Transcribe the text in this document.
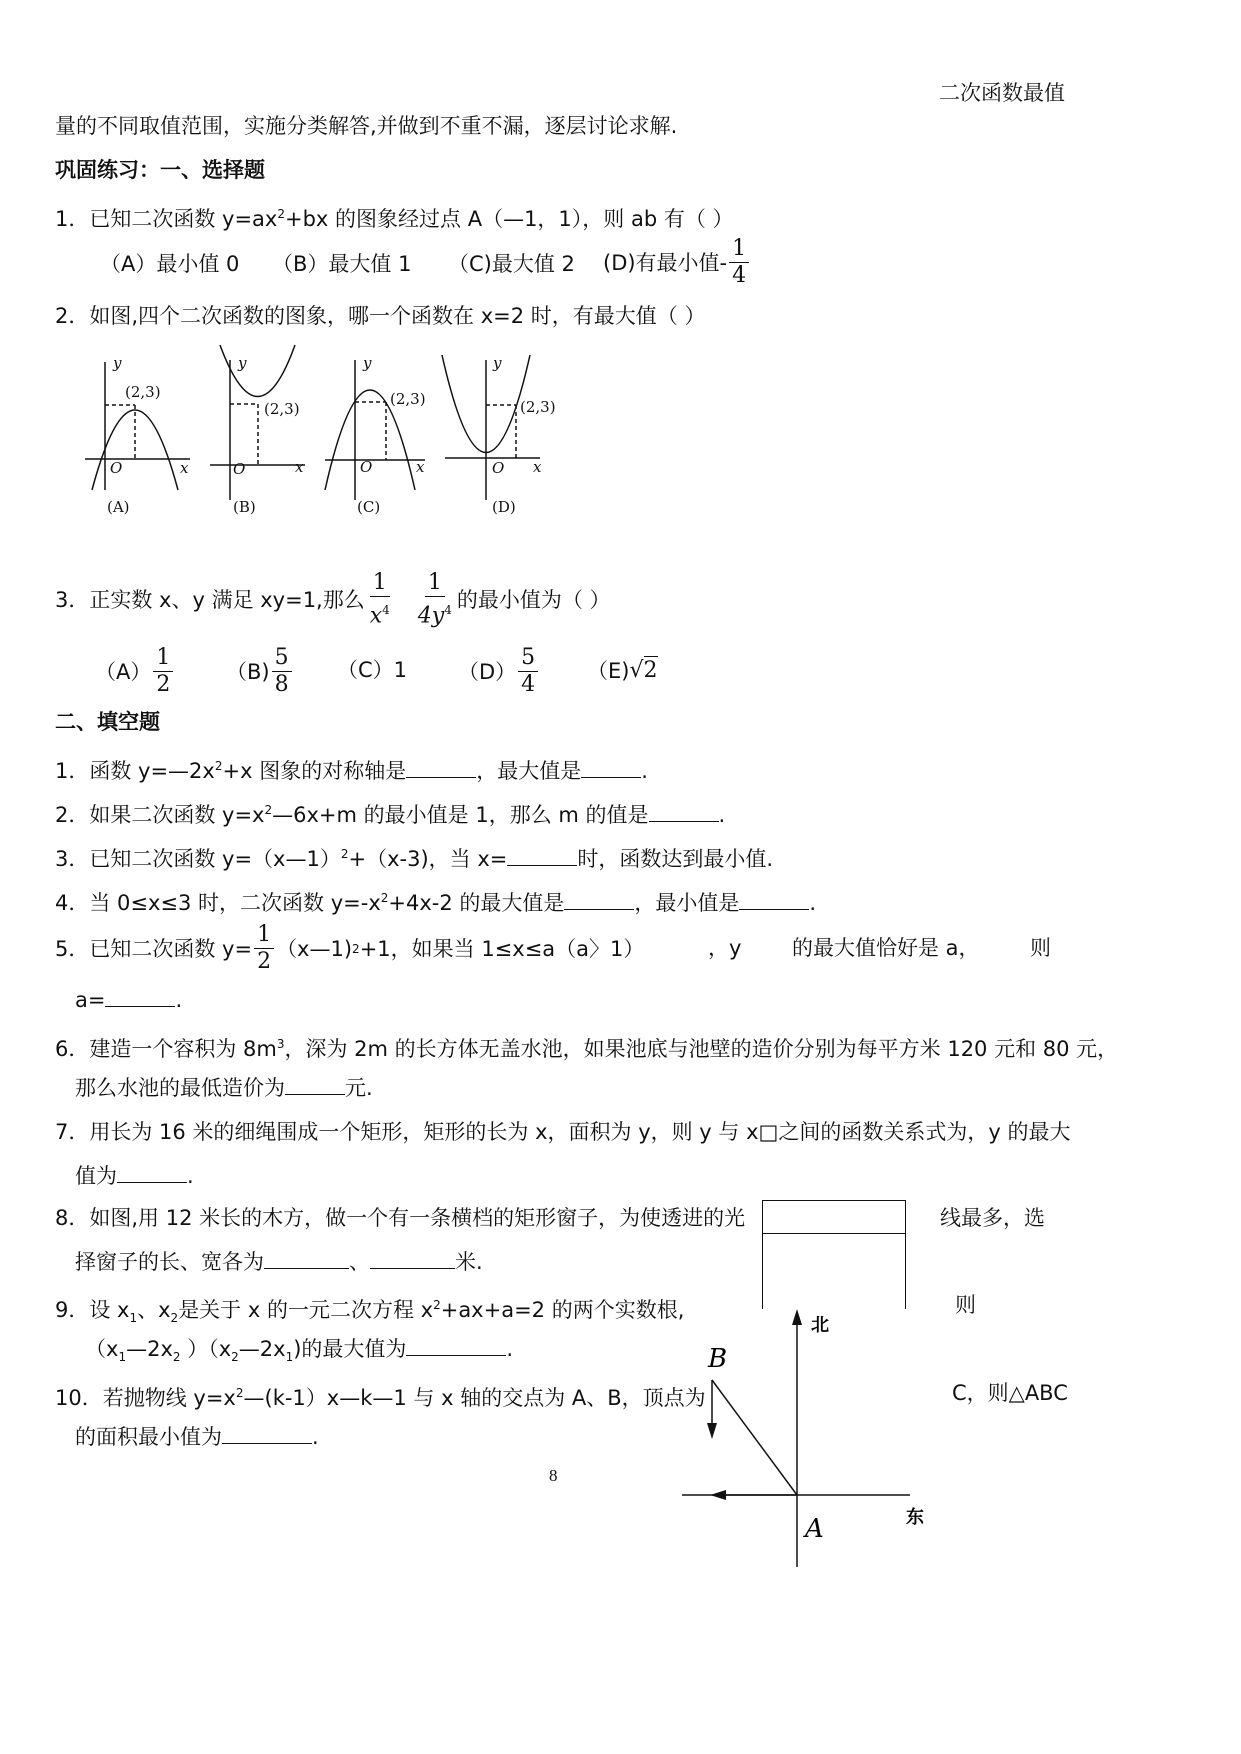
二次函数最值
量的不同取值范围，实施分类解答,并做到不重不漏，逐层讨论求解.
巩固练习：一、选择题
1．已知二次函数 $y=ax^2+bx$ 的图象经过点 A（—1，1），则 ab 有（ ）
（A）最小值 0 （B）最大值 1 （C)最大值 2 (D)有最小值- $\frac{1}{4}$
2．如图,四个二次函数的图象，哪一个函数在 x=2 时，有最大值（ ）
y
x
O
(2,3)
y
x
O
(2,3)
y
x
O
(2,3)
y
x
O
(2,3)
(A)	(B)	(C)	(D)
3．正实数 x、y 满足 xy=1,那么 $\frac{1}{x^4} \frac{1}{4y^4}$ 的最小值为（ ）
$(A) \frac{1}{2}$	$(B) \frac{5}{8} (C)1$ $(D) \frac{5}{4} (E)$ √ 2
二、填空题
1．函数 $y=—2x^2+x$ 图象的对称轴是	，最大值是	.
2．如果二次函数 $y=x^2—6x+m$ 的最小值是 1，那么 m 的值是	.
3．已知二次函数 y=（x—1）$^2$+（x-3)，当 x=	时，函数达到最小值.
4．当 0≤x≤3 时，二次函数 $y=-x^2+4x-2$ 的最大值是	，最小值是	.
5．已知二次函数 $y= \frac{1}{2}$ （x—1) 2 +1，如果当 1≤x≤a（a〉1）	，y 的最大值恰好是 a， 则
a=	.
6．建造一个容积为 $8m^3$，深为 2m 的长方体无盖水池，如果池底与池壁的造价分别为每平方米 120 元和 80 元，
那么水池的最低造价为	元.
7．用长为 16 米的细绳围成一个矩形，矩形的长为 x，面积为 y，则 y 与 x□之间的函数关系式为，y 的最大
值为	.
8．如图,用 12 米长的木方，做一个有一条横档的矩形窗子，为使透进的光	线最多，选
择窗子的长、宽各为	、	米.
9．设 $x_1$、$x_2$是关于 x 的一元二次方程 $x^2+ax+a=2$ 的两个实数根,	则
（$x_1—2x_2$ ）$(x_2—2x_1)$的最大值为	.
10．若抛物线 $y=x^2—(k-1)x—k—1$ 与 x 轴的交点为 A、B，顶点为	C，则△ABC
的面积最小值为	.
北
东
A
B
8
